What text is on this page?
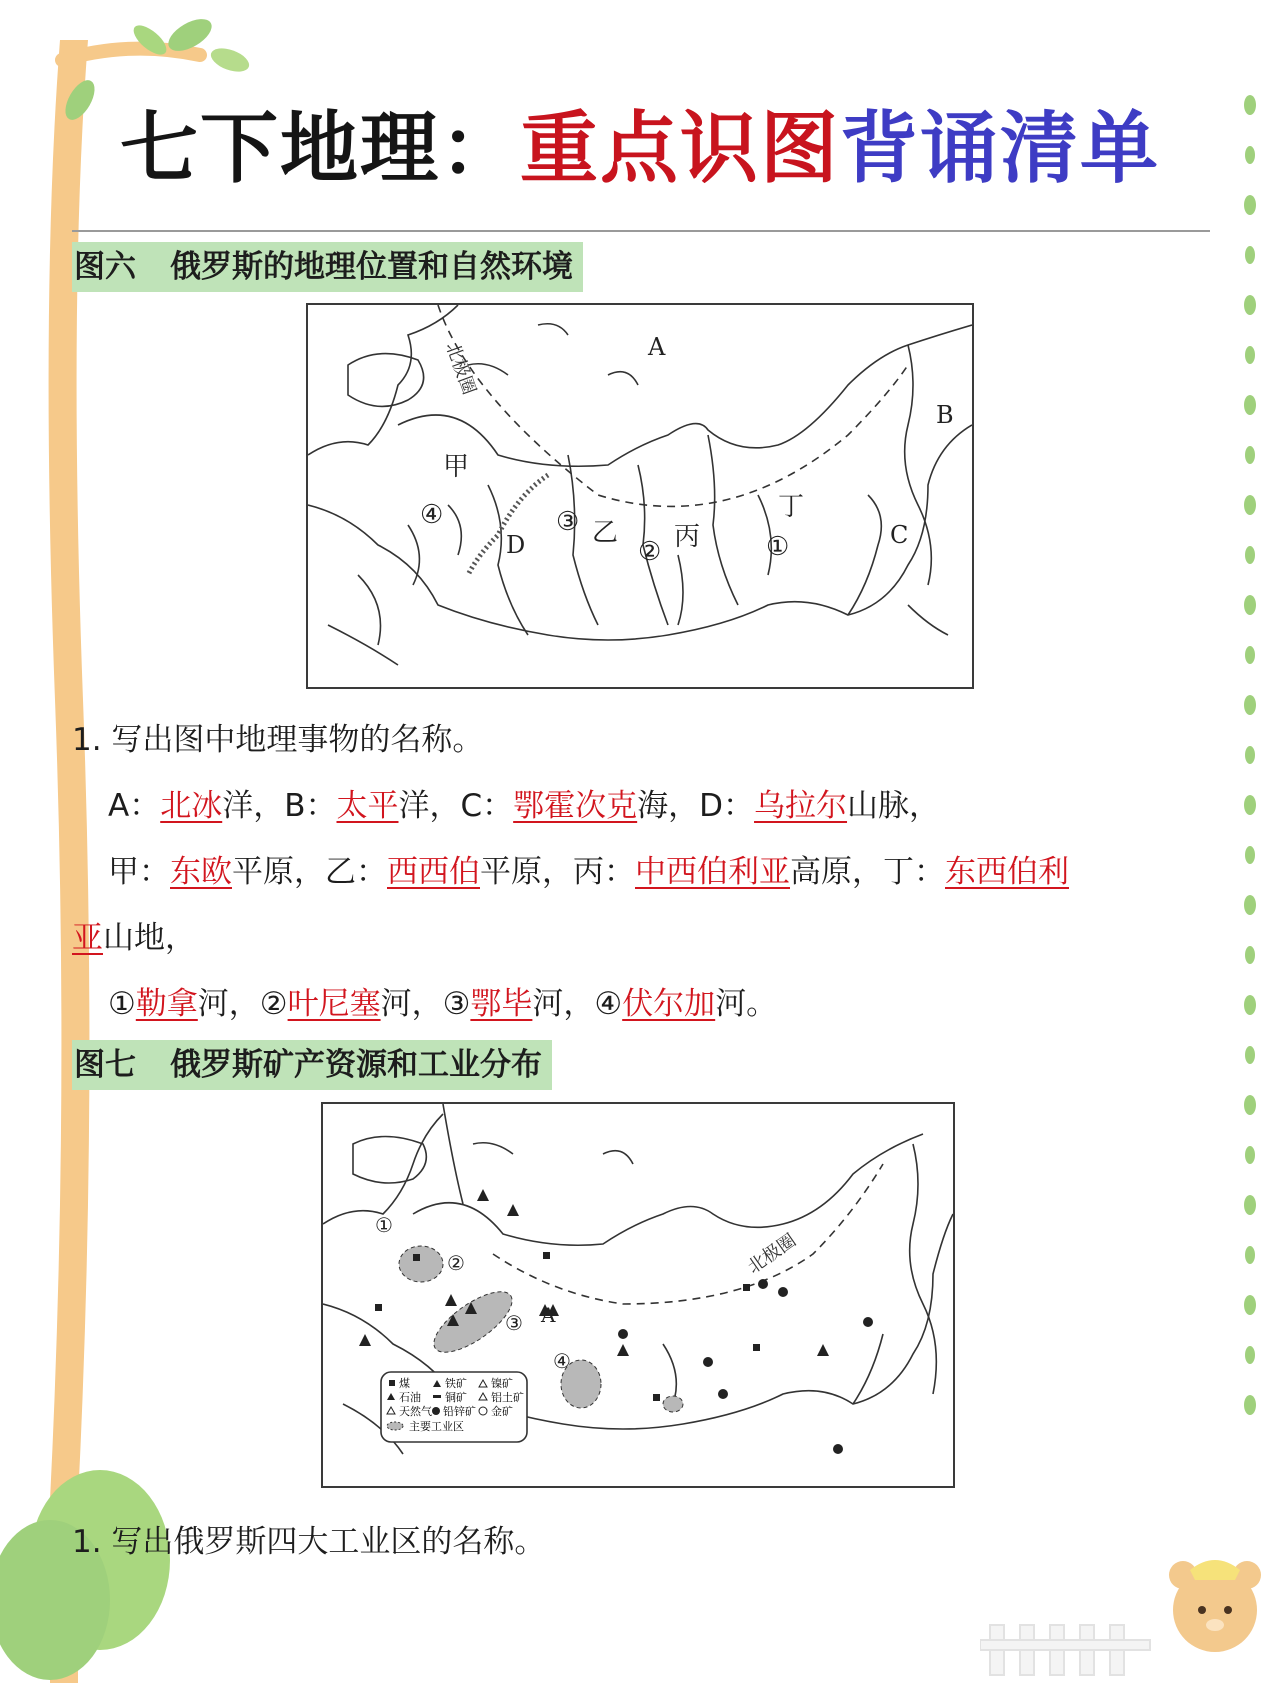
七下地理：重点识图背诵清单
图六 俄罗斯的地理位置和自然环境
北极圈	A
B
C
D
甲
乙 丙
丁
①
②
③
④
1. 写出图中地理事物的名称。
A：北冰洋，B：太平洋，C：鄂霍次克海，D：乌拉尔山脉，
甲：东欧平原，乙：西西伯平原，丙：中西伯利亚高原，丁：东西伯利
亚山地，
①勒拿河，②叶尼塞河，③鄂毕河，④伏尔加河。
图七 俄罗斯矿产资源和工业分布
北极圈
①
②
③
④
煤	铁矿 镍矿
石油 铜矿 铝土矿
天然气 铅锌矿 金矿
主要工业区
1. 写出俄罗斯四大工业区的名称。
